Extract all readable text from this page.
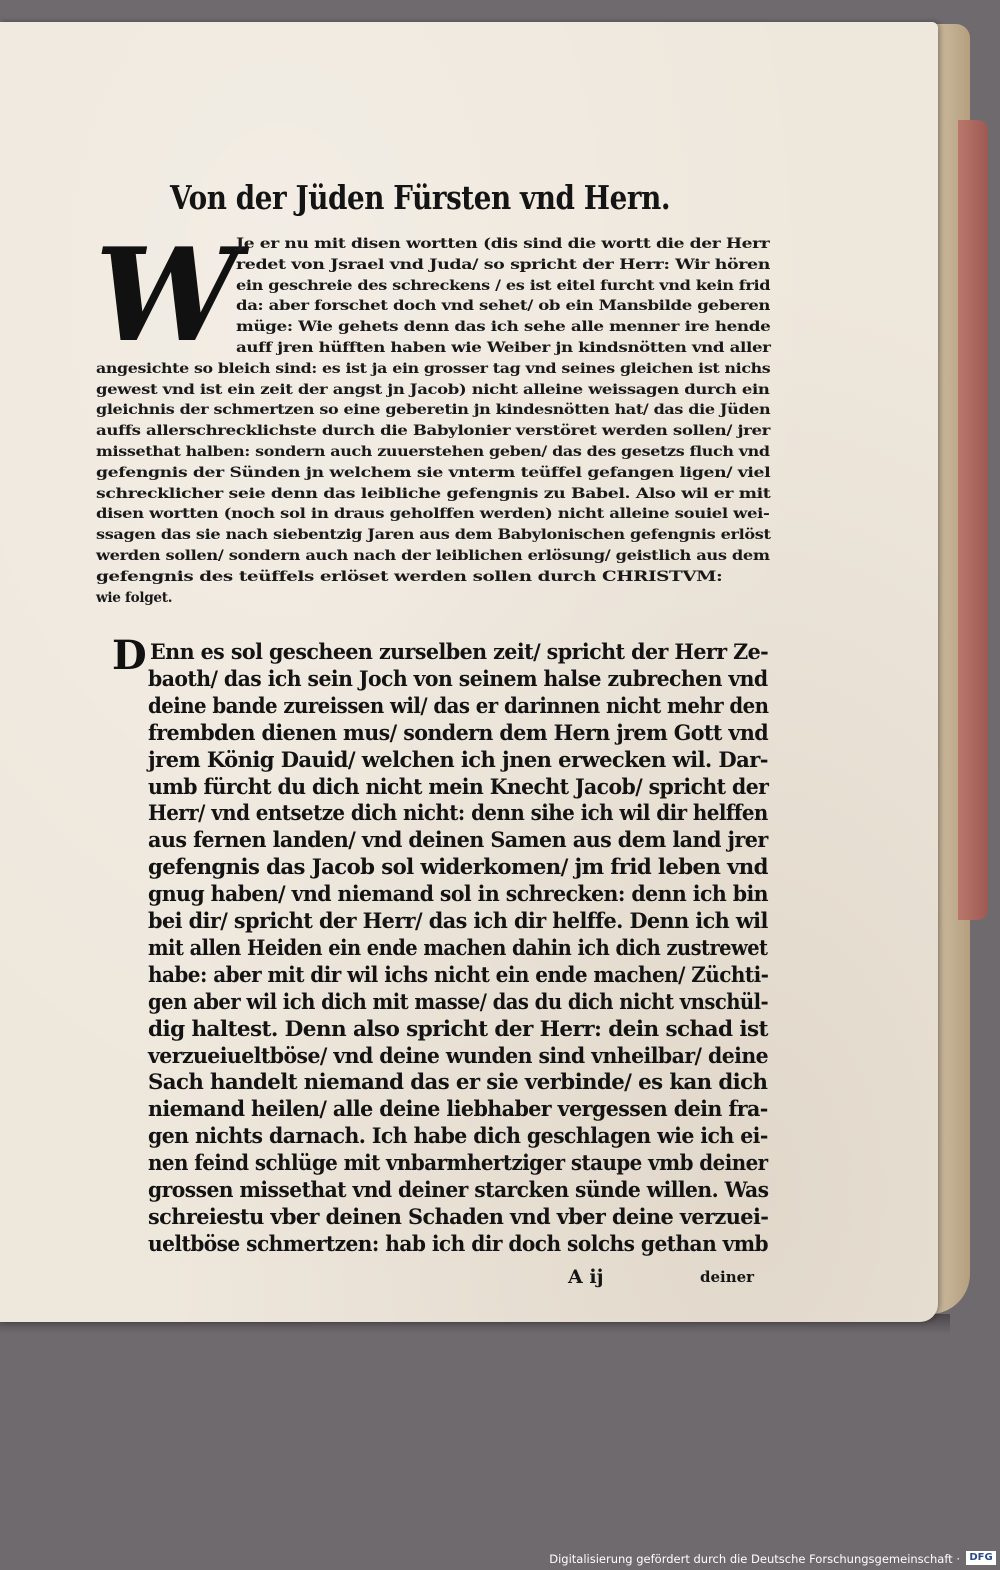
Von der Jüden Fürsten vnd Hern.
W
Je er nu mit disen wortten (dis sind die wortt die der Herr
redet von Jsrael vnd Juda/ so spricht der Herr: Wir hören
ein geschreie des schreckens / es ist eitel furcht vnd kein frid
da: aber forschet doch vnd sehet/ ob ein Mansbilde geberen
müge: Wie gehets denn das ich sehe alle menner ire hende
auff jren hüfften haben wie Weiber jn kindsnötten vnd aller
angesichte so bleich sind: es ist ja ein grosser tag vnd seines gleichen ist nichs
gewest vnd ist ein zeit der angst jn Jacob) nicht alleine weissagen durch ein
gleichnis der schmertzen so eine geberetin jn kindesnötten hat/ das die Jüden
auffs allerschrecklichste durch die Babylonier verstöret werden sollen/ jrer
missethat halben: sondern auch zuuerstehen geben/ das des gesetzs fluch vnd
gefengnis der Sünden jn welchem sie vnterm teüffel gefangen ligen/ viel
schrecklicher seie denn das leibliche gefengnis zu Babel. Also wil er mit
disen wortten (noch sol in draus geholffen werden) nicht alleine souiel wei-
ssagen das sie nach siebentzig Jaren aus dem Babylonischen gefengnis erlöst
werden sollen/ sondern auch nach der leiblichen erlösung/ geistlich aus dem
gefengnis des teüffels erlöset werden sollen durch CHRISTVM:
wie folget.
D Enn es sol gescheen zurselben zeit/ spricht der Herr Ze-
baoth/ das ich sein Joch von seinem halse zubrechen vnd
deine bande zureissen wil/ das er darinnen nicht mehr den
frembden dienen mus/ sondern dem Hern jrem Gott vnd
jrem König Dauid/ welchen ich jnen erwecken wil. Dar-
umb fürcht du dich nicht mein Knecht Jacob/ spricht der
Herr/ vnd entsetze dich nicht: denn sihe ich wil dir helffen
aus fernen landen/ vnd deinen Samen aus dem land jrer
gefengnis das Jacob sol widerkomen/ jm frid leben vnd
gnug haben/ vnd niemand sol in schrecken: denn ich bin
bei dir/ spricht der Herr/ das ich dir helffe. Denn ich wil
mit allen Heiden ein ende machen dahin ich dich zustrewet
habe: aber mit dir wil ichs nicht ein ende machen/ Züchti-
gen aber wil ich dich mit masse/ das du dich nicht vnschül-
dig haltest. Denn also spricht der Herr: dein schad ist
verzueiueltböse/ vnd deine wunden sind vnheilbar/ deine
Sach handelt niemand das er sie verbinde/ es kan dich
niemand heilen/ alle deine liebhaber vergessen dein fra-
gen nichts darnach. Ich habe dich geschlagen wie ich ei-
nen feind schlüge mit vnbarmhertziger staupe vmb deiner
grossen missethat vnd deiner starcken sünde willen. Was
schreiestu vber deinen Schaden vnd vber deine verzuei-
ueltböse schmertzen: hab ich dir doch solchs gethan vmb
A ij	deiner
Digitalisierung gefördert durch die Deutsche Forschungsgemeinschaft · DFG
